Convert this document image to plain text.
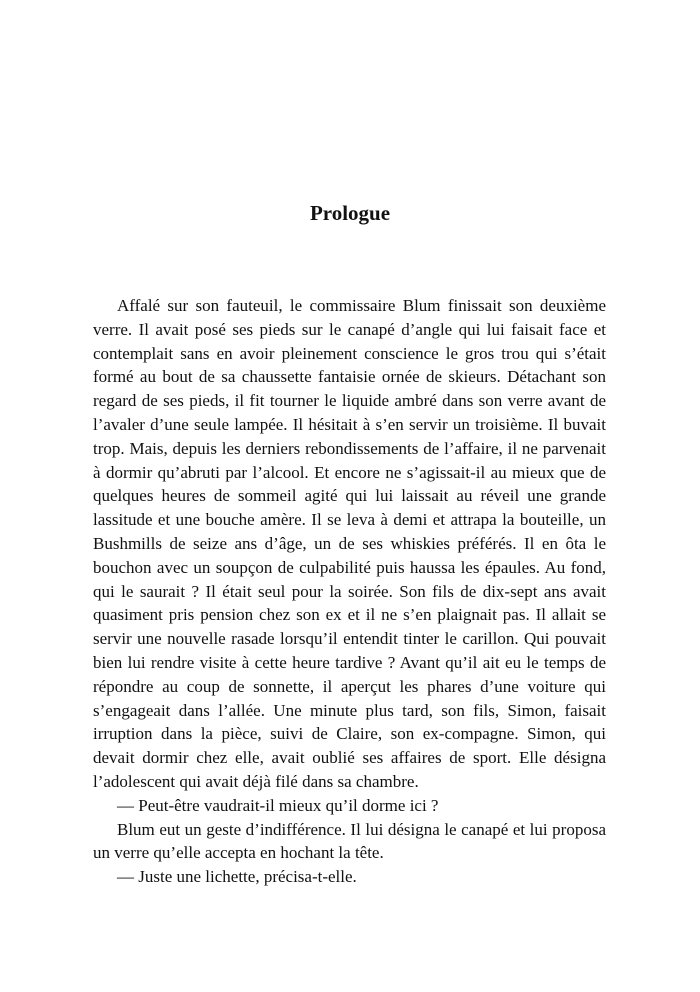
Prologue

Affalé sur son fauteuil, le commissaire Blum finissait son deuxième verre. Il avait posé ses pieds sur le canapé d’angle qui lui faisait face et contemplait sans en avoir pleinement conscience le gros trou qui s’était formé au bout de sa chaussette fantaisie ornée de skieurs. Détachant son regard de ses pieds, il fit tourner le liquide ambré dans son verre avant de l’avaler d’une seule lampée. Il hésitait à s’en servir un troisième. Il buvait trop. Mais, depuis les derniers rebondissements de l’affaire, il ne parvenait à dormir qu’abruti par l’alcool. Et encore ne s’agissait-il au mieux que de quelques heures de sommeil agité qui lui laissait au réveil une grande lassitude et une bouche amère. Il se leva à demi et attrapa la bouteille, un Bushmills de seize ans d’âge, un de ses whiskies préférés. Il en ôta le bouchon avec un soupçon de culpabilité puis haussa les épaules. Au fond, qui le saurait ? Il était seul pour la soirée. Son fils de dix-sept ans avait quasiment pris pension chez son ex et il ne s’en plaignait pas. Il allait se servir une nouvelle rasade lorsqu’il entendit tinter le carillon. Qui pouvait bien lui rendre visite à cette heure tardive ? Avant qu’il ait eu le temps de répondre au coup de sonnette, il aperçut les phares d’une voiture qui s’engageait dans l’allée. Une minute plus tard, son fils, Simon, faisait irruption dans la pièce, suivi de Claire, son ex-compagne. Simon, qui devait dormir chez elle, avait oublié ses affaires de sport. Elle désigna l’adolescent qui avait déjà filé dans sa chambre.

— Peut-être vaudrait-il mieux qu’il dorme ici ?

Blum eut un geste d’indifférence. Il lui désigna le canapé et lui proposa un verre qu’elle accepta en hochant la tête.

— Juste une lichette, précisa-t-elle.
